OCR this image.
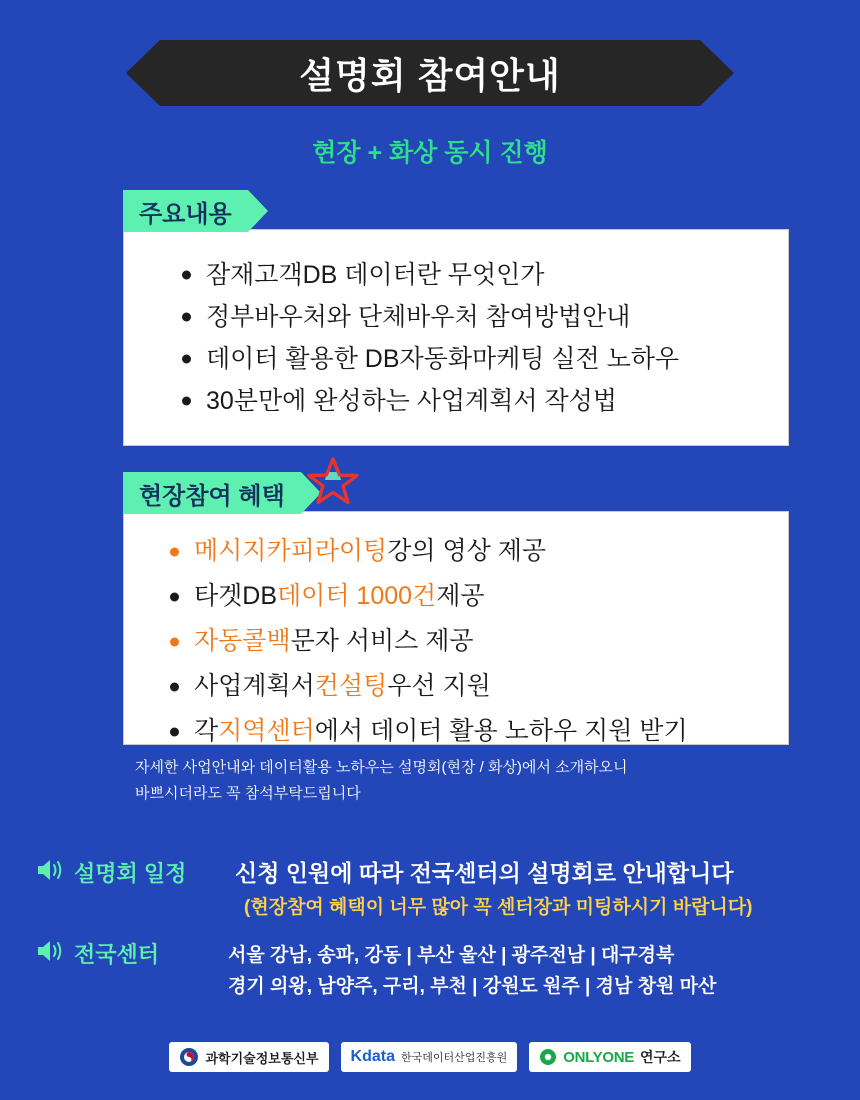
설명회 참여안내
현장 + 화상 동시 진행
주요내용
잠재고객DB 데이터란 무엇인가
정부바우처와 단체바우처 참여방법안내
데이터 활용한 DB자동화마케팅 실전 노하우
30분만에 완성하는 사업계획서 작성법
현장참여 혜택
메시지카피라이팅 강의 영상 제공
타겟DB 데이터 1000건 제공
자동콜백 문자 서비스 제공
사업계획서 컨설팅 우선 지원
각 지역센터 에서 데이터 활용 노하우 지원 받기
자세한 사업안내와 데이터활용 노하우는 설명회(현장 / 화상)에서 소개하오니
바쁘시더라도 꼭 참석부탁드립니다
설명회 일정 신청 인원에 따라 전국센터의 설명회로 안내합니다
(현장참여 혜택이 너무 많아 꼭 센터장과 미팅하시기 바랍니다)
전국센터	서울 강남, 송파, 강동 | 부산 울산 | 광주전남 | 대구경북
경기 의왕, 남양주, 구리, 부천 | 강원도 원주 | 경남 창원 마산
과학기술정보통신부 Kdata 한국데이터산업진흥원	ONLYONE 연구소
